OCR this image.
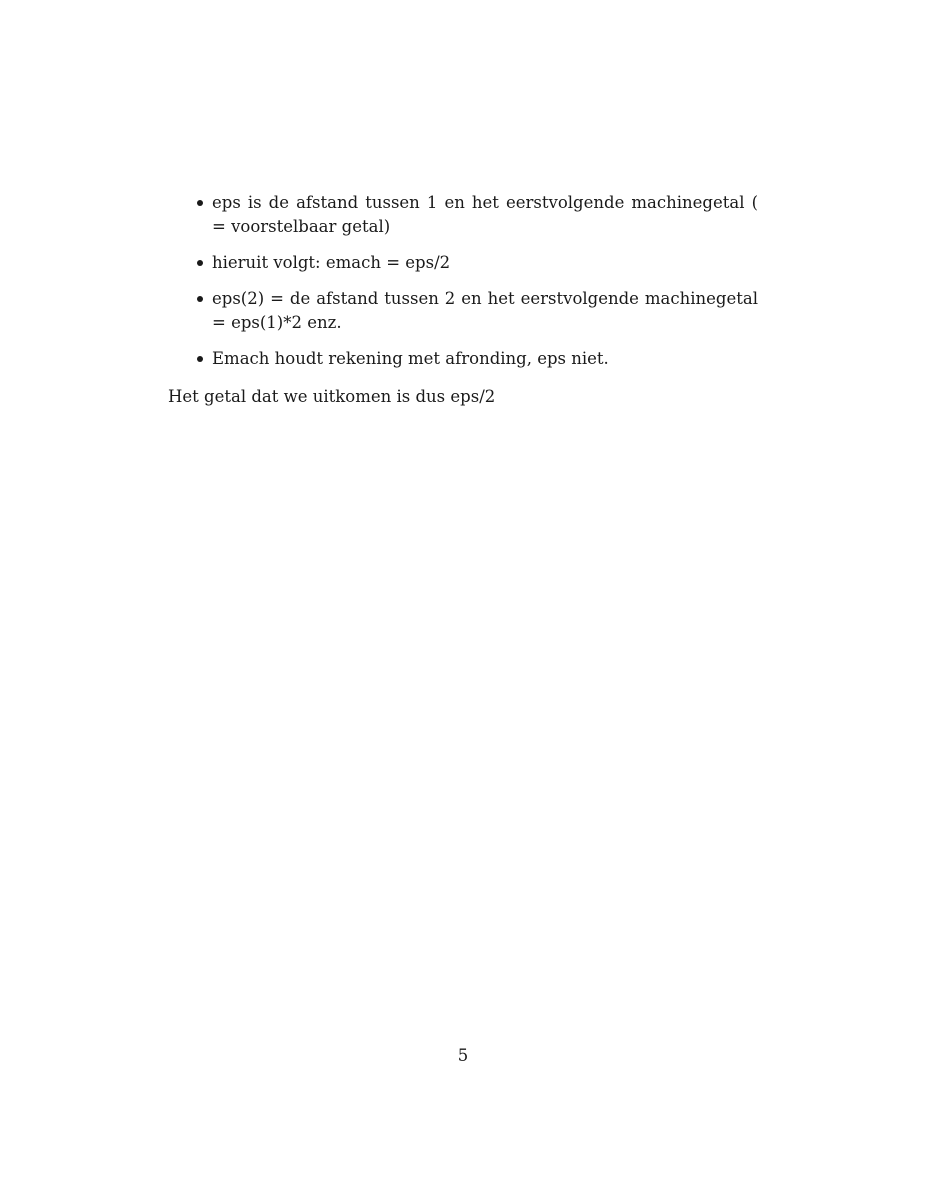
eps is de afstand tussen 1 en het eerstvolgende machinegetal ( = voorstelbaar getal)
hieruit volgt: emach = eps/2
eps(2) = de afstand tussen 2 en het eerstvolgende machinegetal = eps(1)*2 enz.
Emach houdt rekening met afronding, eps niet.

Het getal dat we uitkomen is dus eps/2

5
